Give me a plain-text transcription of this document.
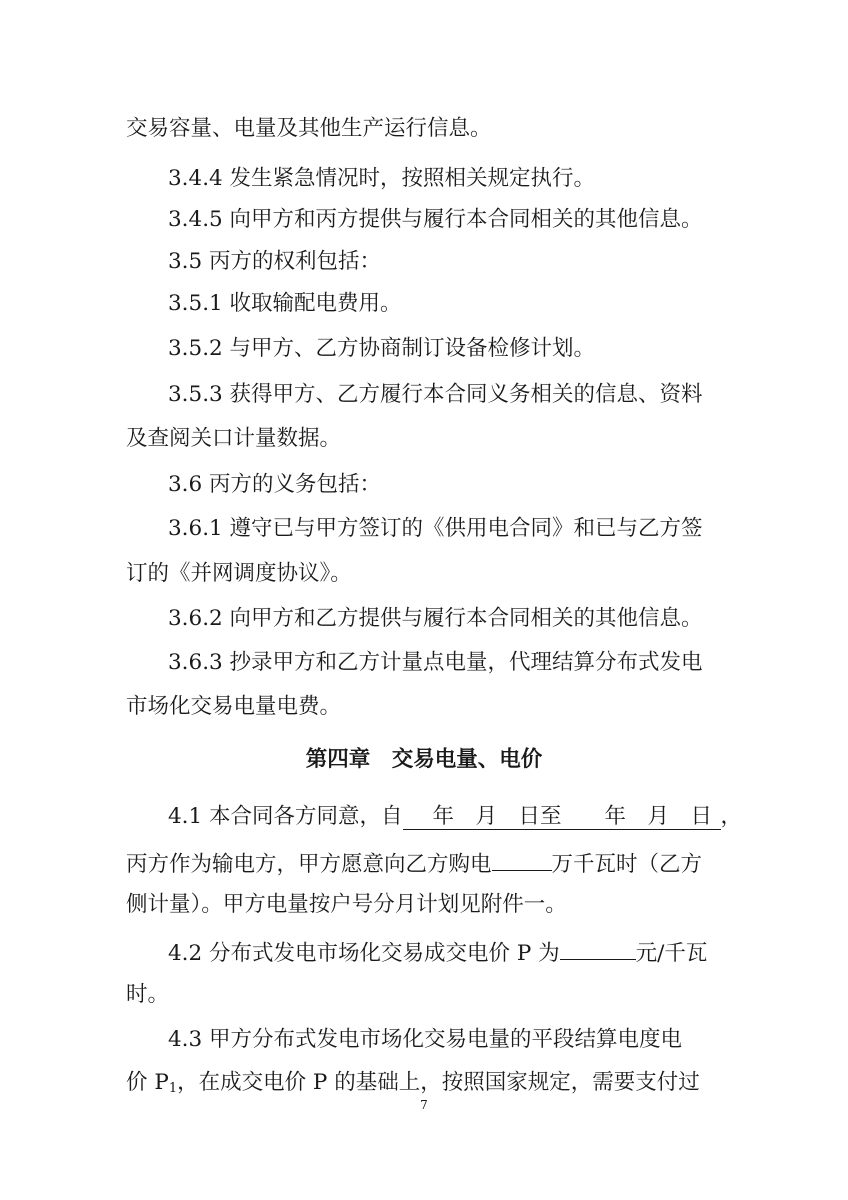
交易容量、电量及其他生产运行信息。
3.4.4 发生紧急情况时，按照相关规定执行。
3.4.5 向甲方和丙方提供与履行本合同相关的其他信息。
3.5 丙方的权利包括：
3.5.1 收取输配电费用。
3.5.2 与甲方、乙方协商制订设备检修计划。
3.5.3 获得甲方、乙方履行本合同义务相关的信息、资料
及查阅关口计量数据。
3.6 丙方的义务包括：
3.6.1 遵守已与甲方签订的《供用电合同》和已与乙方签
订的《并网调度协议》。
3.6.2 向甲方和乙方提供与履行本合同相关的其他信息。
3.6.3 抄录甲方和乙方计量点电量，代理结算分布式发电
市场化交易电量电费。
第四章　交易电量、电价
4.1 本合同各方同意，自　年　月　日至　　年　月　日 ，
丙方作为输电方，甲方愿意向乙方购电	万千瓦时（乙方
侧计量）。甲方电量按户号分月计划见附件一。
4.2 分布式发电市场化交易成交电价 P 为	元/千瓦
时。
4.3 甲方分布式发电市场化交易电量的平段结算电度电
价 $P_1$，在成交电价 P 的基础上，按照国家规定，需要支付过
7
